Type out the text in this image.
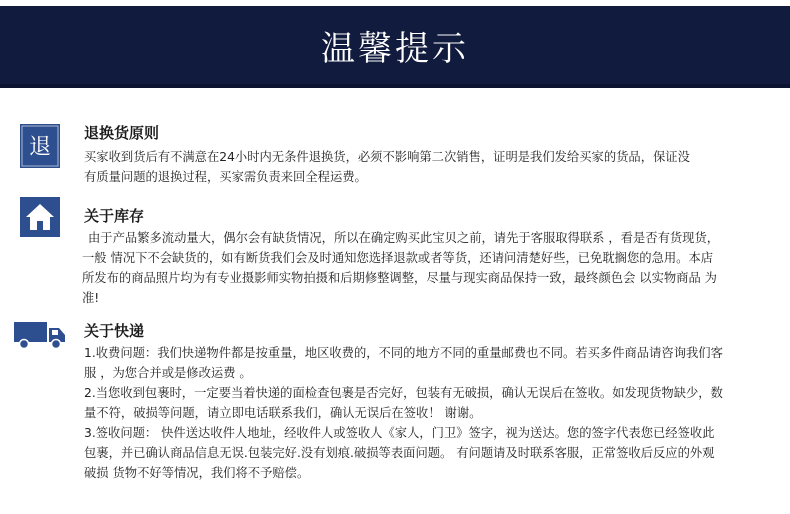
温馨提示
退
退换货原则
买家收到货后有不满意在24小时内无条件退换货，必须不影响第二次销售，证明是我们发给买家的货品，保证没
有质量问题的退换过程，买家需负责来回全程运费。
关于库存
由于产品繁多流动量大，偶尔会有缺货情况，所以在确定购买此宝贝之前，请先于客服取得联系 ，看是否有货现货，
一般 情况下不会缺货的，如有断货我们会及时通知您选择退款或者等货，还请问清楚好些，已免耽搁您的急用。本店
所发布的商品照片均为有专业摄影师实物拍摄和后期修整调整，尽量与现实商品保持一致，最终颜色会 以实物商品 为
准!
关于快递
1.收费问题：我们快递物件都是按重量，地区收费的，不同的地方不同的重量邮费也不同。若买多件商品请咨询我们客
服 ，为您合并或是修改运费 。
2.当您收到包裹时，一定要当着快递的面检查包裹是否完好，包装有无破损，确认无误后在签收。如发现货物缺少，数
量不符，破损等问题，请立即电话联系我们，确认无误后在签收！ 谢谢。
3.签收问题： 快件送达收件人地址，经收件人或签收人《家人，门卫》签字，视为送达。您的签字代表您已经签收此
包裹，并已确认商品信息无误.包装完好.没有划痕.破损等表面问题。 有问题请及时联系客服，正常签收后反应的外观
破损 货物不好等情况，我们将不予赔偿。
